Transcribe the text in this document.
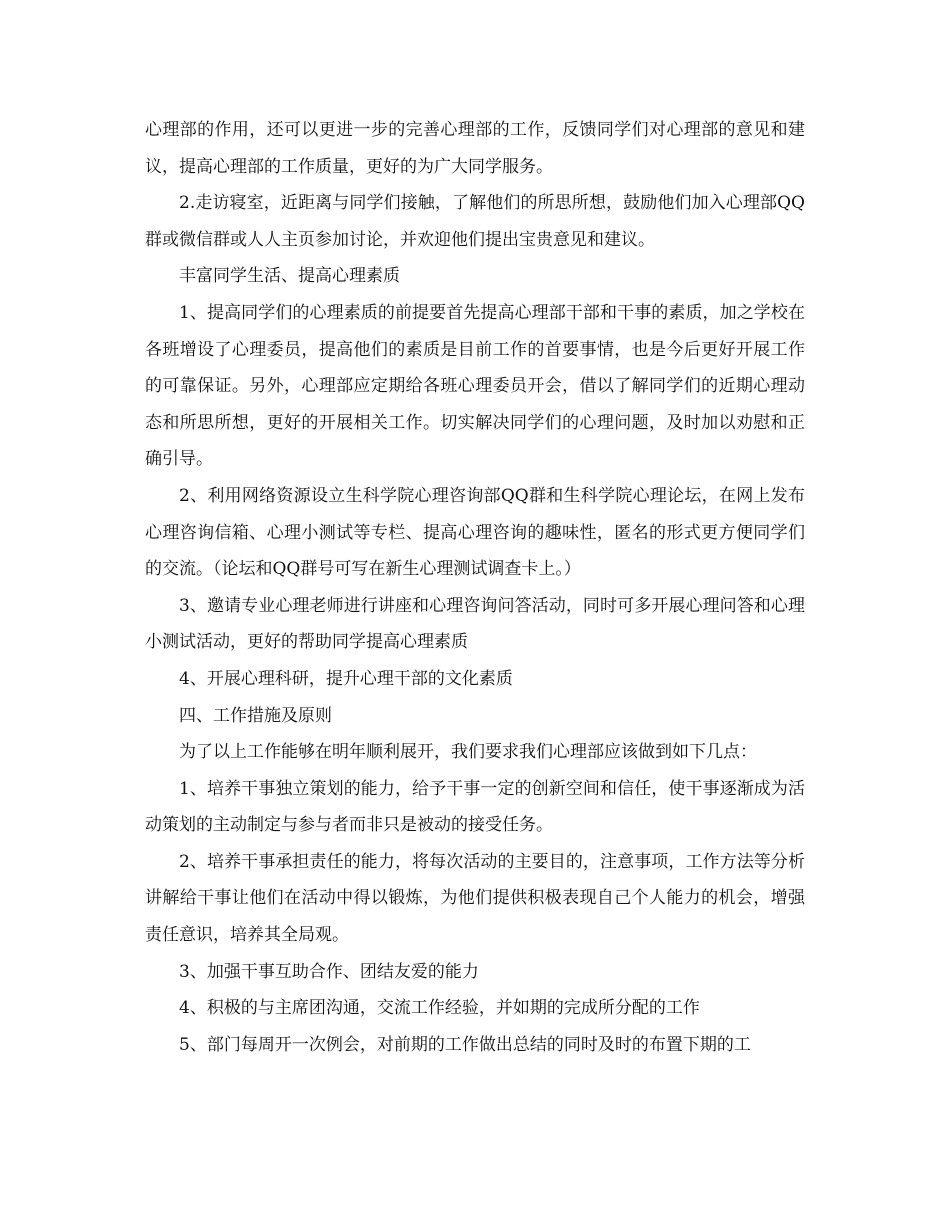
心理部的作用，还可以更进一步的完善心理部的工作，反馈同学们对心理部的意见和建议，提高心理部的工作质量，更好的为广大同学服务。

2.走访寝室，近距离与同学们接触，了解他们的所思所想，鼓励他们加入心理部QQ群或微信群或人人主页参加讨论，并欢迎他们提出宝贵意见和建议。

丰富同学生活、提高心理素质

1、提高同学们的心理素质的前提要首先提高心理部干部和干事的素质，加之学校在各班增设了心理委员，提高他们的素质是目前工作的首要事情，也是今后更好开展工作的可靠保证。另外，心理部应定期给各班心理委员开会，借以了解同学们的近期心理动态和所思所想，更好的开展相关工作。切实解决同学们的心理问题，及时加以劝慰和正确引导。

2、利用网络资源设立生科学院心理咨询部QQ群和生科学院心理论坛，在网上发布心理咨询信箱、心理小测试等专栏、提高心理咨询的趣味性，匿名的形式更方便同学们的交流。（论坛和QQ群号可写在新生心理测试调查卡上。）

3、邀请专业心理老师进行讲座和心理咨询问答活动，同时可多开展心理问答和心理小测试活动，更好的帮助同学提高心理素质

4、开展心理科研，提升心理干部的文化素质

四、工作措施及原则

为了以上工作能够在明年顺利展开，我们要求我们心理部应该做到如下几点：

1、培养干事独立策划的能力，给予干事一定的创新空间和信任，使干事逐渐成为活动策划的主动制定与参与者而非只是被动的接受任务。

2、培养干事承担责任的能力，将每次活动的主要目的，注意事项，工作方法等分析讲解给干事让他们在活动中得以锻炼，为他们提供积极表现自己个人能力的机会，增强责任意识，培养其全局观。

3、加强干事互助合作、团结友爱的能力

4、积极的与主席团沟通，交流工作经验，并如期的完成所分配的工作

5、部门每周开一次例会，对前期的工作做出总结的同时及时的布置下期的工
